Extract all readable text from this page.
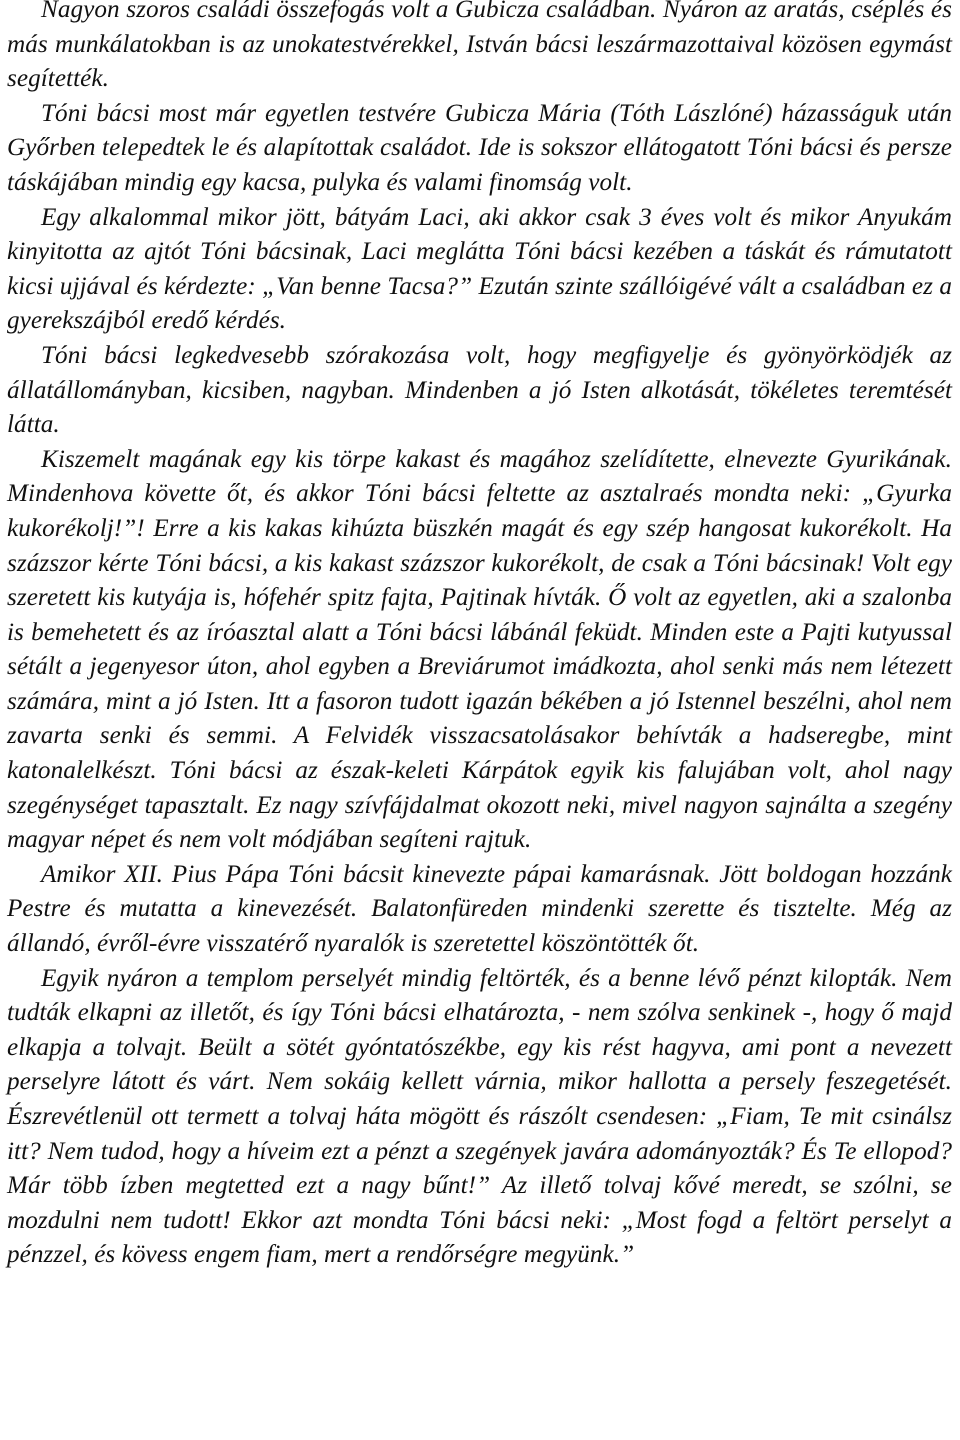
Nagyon szoros családi összefogás volt a Gubicza családban. Nyáron az aratás, cséplés és más munkálatokban is az unokatestvérekkel, István bácsi leszármazottaival közösen egymást segítették.

Tóni bácsi most már egyetlen testvére Gubicza Mária (Tóth Lászlóné) házasságuk után Győrben telepedtek le és alapítottak családot. Ide is sokszor ellátogatott Tóni bácsi és persze táskájában mindig egy kacsa, pulyka és valami finomság volt.

Egy alkalommal mikor jött, bátyám Laci, aki akkor csak 3 éves volt és mikor Anyukám kinyitotta az ajtót Tóni bácsinak, Laci meglátta Tóni bácsi kezében a táskát és rámutatott kicsi ujjával és kérdezte: „Van benne Tacsa?” Ezután szinte szállóigévé vált a családban ez a gyerekszájból eredő kérdés.

Tóni bácsi legkedvesebb szórakozása volt, hogy megfigyelje és gyönyörködjék az állatállományban, kicsiben, nagyban. Mindenben a jó Isten alkotását, tökéletes teremtését látta.

Kiszemelt magának egy kis törpe kakast és magához szelídítette, elnevezte Gyurikának. Mindenhova követte őt, és akkor Tóni bácsi feltette az asztalraés mondta neki: „Gyurka kukorékolj!”! Erre a kis kakas kihúzta büszkén magát és egy szép hangosat kukorékolt. Ha százszor kérte Tóni bácsi, a kis kakast százszor kukorékolt, de csak a Tóni bácsinak! Volt egy szeretett kis kutyája is, hófehér spitz fajta, Pajtinak hívták. Ő volt az egyetlen, aki a szalonba is bemehetett és az íróasztal alatt a Tóni bácsi lábánál feküdt. Minden este a Pajti kutyussal sétált a jegenyesor úton, ahol egyben a Breviárumot imádkozta, ahol senki más nem létezett számára, mint a jó Isten. Itt a fasoron tudott igazán békében a jó Istennel beszélni, ahol nem zavarta senki és semmi. A Felvidék visszacsatolásakor behívták a hadseregbe, mint katonalelkészt. Tóni bácsi az észak-keleti Kárpátok egyik kis falujában volt, ahol nagy szegénységet tapasztalt. Ez nagy szívfájdalmat okozott neki, mivel nagyon sajnálta a szegény magyar népet és nem volt módjában segíteni rajtuk.

Amikor XII. Pius Pápa Tóni bácsit kinevezte pápai kamarásnak. Jött boldogan hozzánk Pestre és mutatta a kinevezését. Balatonfüreden mindenki szerette és tisztelte. Még az állandó, évről-évre visszatérő nyaralók is szeretettel köszöntötték őt.

Egyik nyáron a templom perselyét mindig feltörték, és a benne lévő pénzt kilopták. Nem tudták elkapni az illetőt, és így Tóni bácsi elhatározta, - nem szólva senkinek -, hogy ő majd elkapja a tolvajt. Beült a sötét gyóntatószékbe, egy kis rést hagyva, ami pont a nevezett perselyre látott és várt. Nem sokáig kellett várnia, mikor hallotta a persely feszegetését. Észrevétlenül ott termett a tolvaj háta mögött és rászólt csendesen: „Fiam, Te mit csinálsz itt? Nem tudod, hogy a híveim ezt a pénzt a szegények javára adományozták? És Te ellopod? Már több ízben megtetted ezt a nagy bűnt!” Az illető tolvaj kővé meredt, se szólni, se mozdulni nem tudott! Ekkor azt mondta Tóni bácsi neki: „Most fogd a feltört perselyt a pénzzel, és kövess engem fiam, mert a rendőrségre megyünk.”
